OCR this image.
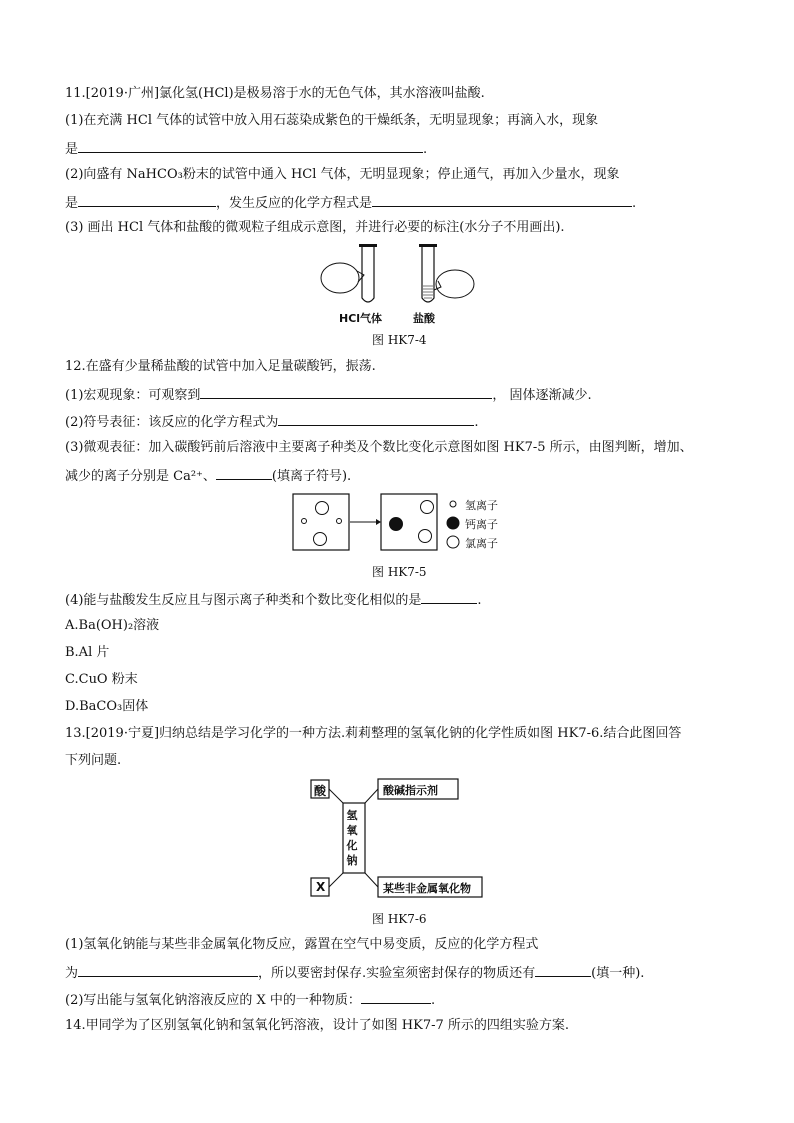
11.[2019·广州]氯化氢(HCl)是极易溶于水的无色气体，其水溶液叫盐酸.
(1)在充满 HCl 气体的试管中放入用石蕊染成紫色的干燥纸条，无明显现象；再滴入水，现象
是	.
(2)向盛有 NaHCO₃粉末的试管中通入 HCl 气体，无明显现象；停止通气，再加入少量水，现象
是	，发生反应的化学方程式是	.
(3) 画出 HCl 气体和盐酸的微观粒子组成示意图，并进行必要的标注(水分子不用画出).
HCl气体	盐酸
图 HK7-4
12.在盛有少量稀盐酸的试管中加入足量碳酸钙，振荡.
(1)宏观现象：可观察到	， 固体逐渐减少.
(2)符号表征：该反应的化学方程式为	.
(3)微观表征：加入碳酸钙前后溶液中主要离子种类及个数比变化示意图如图 HK7-5 所示，由图判断，增加、
减少的离子分别是 Ca²⁺、	(填离子符号).
氢离子
钙离子
氯离子
图 HK7-5
(4)能与盐酸发生反应且与图示离子种类和个数比变化相似的是	.
A.Ba(OH)₂溶液
B.Al 片
C.CuO 粉末
D.BaCO₃固体
13.[2019·宁夏]归纳总结是学习化学的一种方法.莉莉整理的氢氧化钠的化学性质如图 HK7-6.结合此图回答
下列问题.
酸	酸碱指示剂
氢氧化钠
X	某些非金属氧化物
图 HK7-6
(1)氢氧化钠能与某些非金属氧化物反应，露置在空气中易变质，反应的化学方程式
为	，所以要密封保存.实验室须密封保存的物质还有	(填一种).
(2)写出能与氢氧化钠溶液反应的 X 中的一种物质：	.
14.甲同学为了区别氢氧化钠和氢氧化钙溶液，设计了如图 HK7-7 所示的四组实验方案.
